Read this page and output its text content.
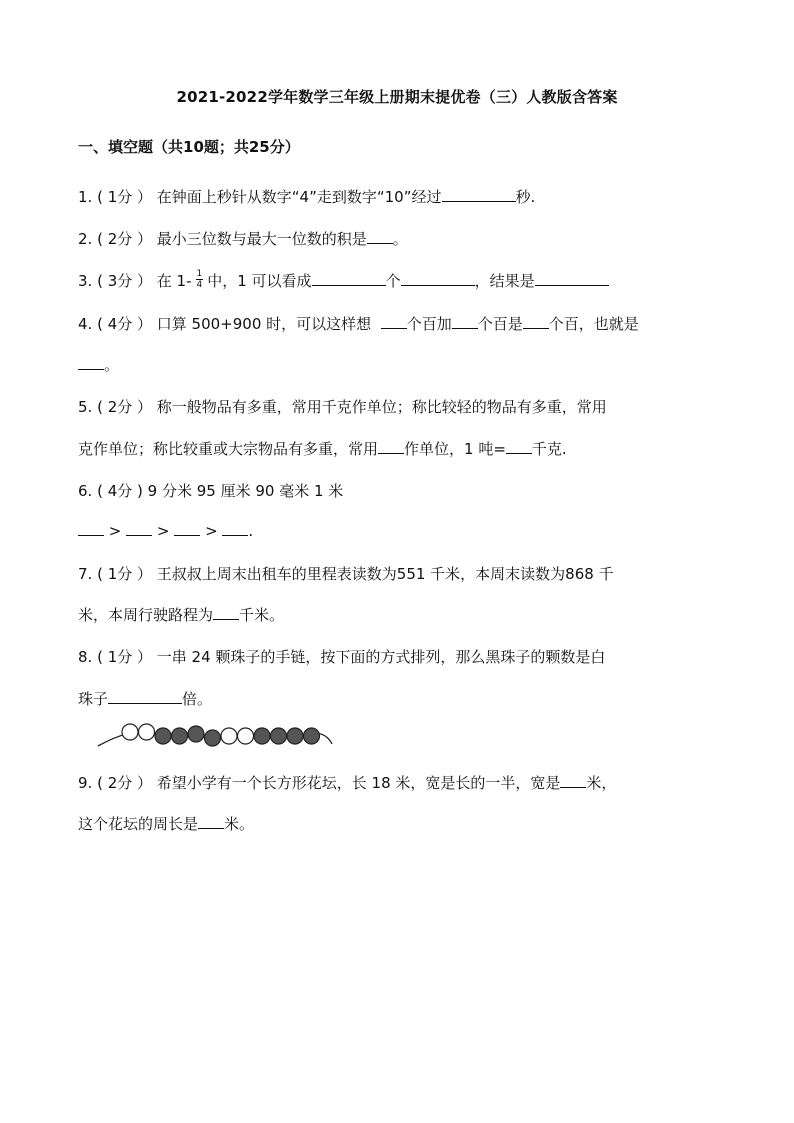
2021-2022学年数学三年级上册期末提优卷（三）人教版含答案
一、填空题（共10题；共25分）
1. ( 1分 ） 在钟面上秒针从数字“4”走到数字“10”经过	秒.
2. ( 2分 ） 最小三位数与最大一位数的积是 。
3. ( 3分 ） 在 $1- \frac{1}{4}$ 中，1 可以看成	个	，结果是
4. ( 4分 ） 口算 500+900 时，可以这样想 个百加 个百是 个百，也就是
。
5. ( 2分 ） 称一般物品有多重，常用千克作单位；称比较轻的物品有多重，常用
克作单位；称比较重或大宗物品有多重，常用 作单位，1 吨= 千克.
6. ( 4分 ) 9 分米 95 厘米 90 毫米 1 米
> > > .
7. ( 1分 ） 王叔叔上周末出租车的里程表读数为551 千米，本周末读数为868 千
米，本周行驶路程为 千米。
8. ( 1分 ） 一串 24 颗珠子的手链，按下面的方式排列，那么黑珠子的颗数是白
珠子	倍。
9. ( 2分 ） 希望小学有一个长方形花坛，长 18 米，宽是长的一半，宽是 米，
这个花坛的周长是 米。
